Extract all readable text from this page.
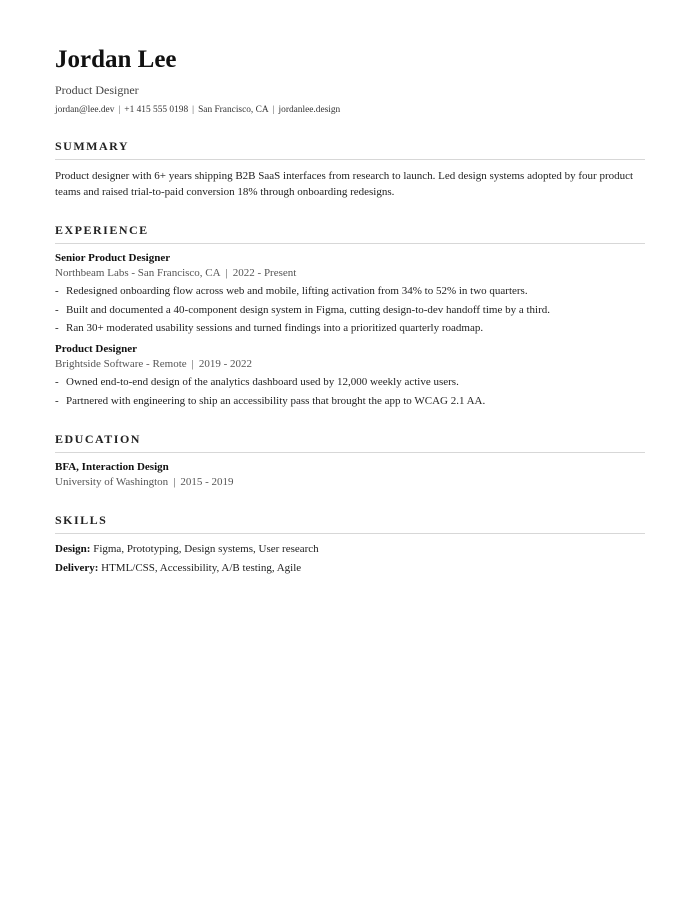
Jordan Lee
Product Designer
jordan@lee.dev | +1 415 555 0198 | San Francisco, CA | jordanlee.design
SUMMARY
Product designer with 6+ years shipping B2B SaaS interfaces from research to launch. Led design systems adopted by four product teams and raised trial-to-paid conversion 18% through onboarding redesigns.
EXPERIENCE
Senior Product Designer
Northbeam Labs - San Francisco, CA | 2022 - Present
- Redesigned onboarding flow across web and mobile, lifting activation from 34% to 52% in two quarters.
- Built and documented a 40-component design system in Figma, cutting design-to-dev handoff time by a third.
- Ran 30+ moderated usability sessions and turned findings into a prioritized quarterly roadmap.
Product Designer
Brightside Software - Remote | 2019 - 2022
- Owned end-to-end design of the analytics dashboard used by 12,000 weekly active users.
- Partnered with engineering to ship an accessibility pass that brought the app to WCAG 2.1 AA.
EDUCATION
BFA, Interaction Design
University of Washington | 2015 - 2019
SKILLS
Design: Figma, Prototyping, Design systems, User research
Delivery: HTML/CSS, Accessibility, A/B testing, Agile
